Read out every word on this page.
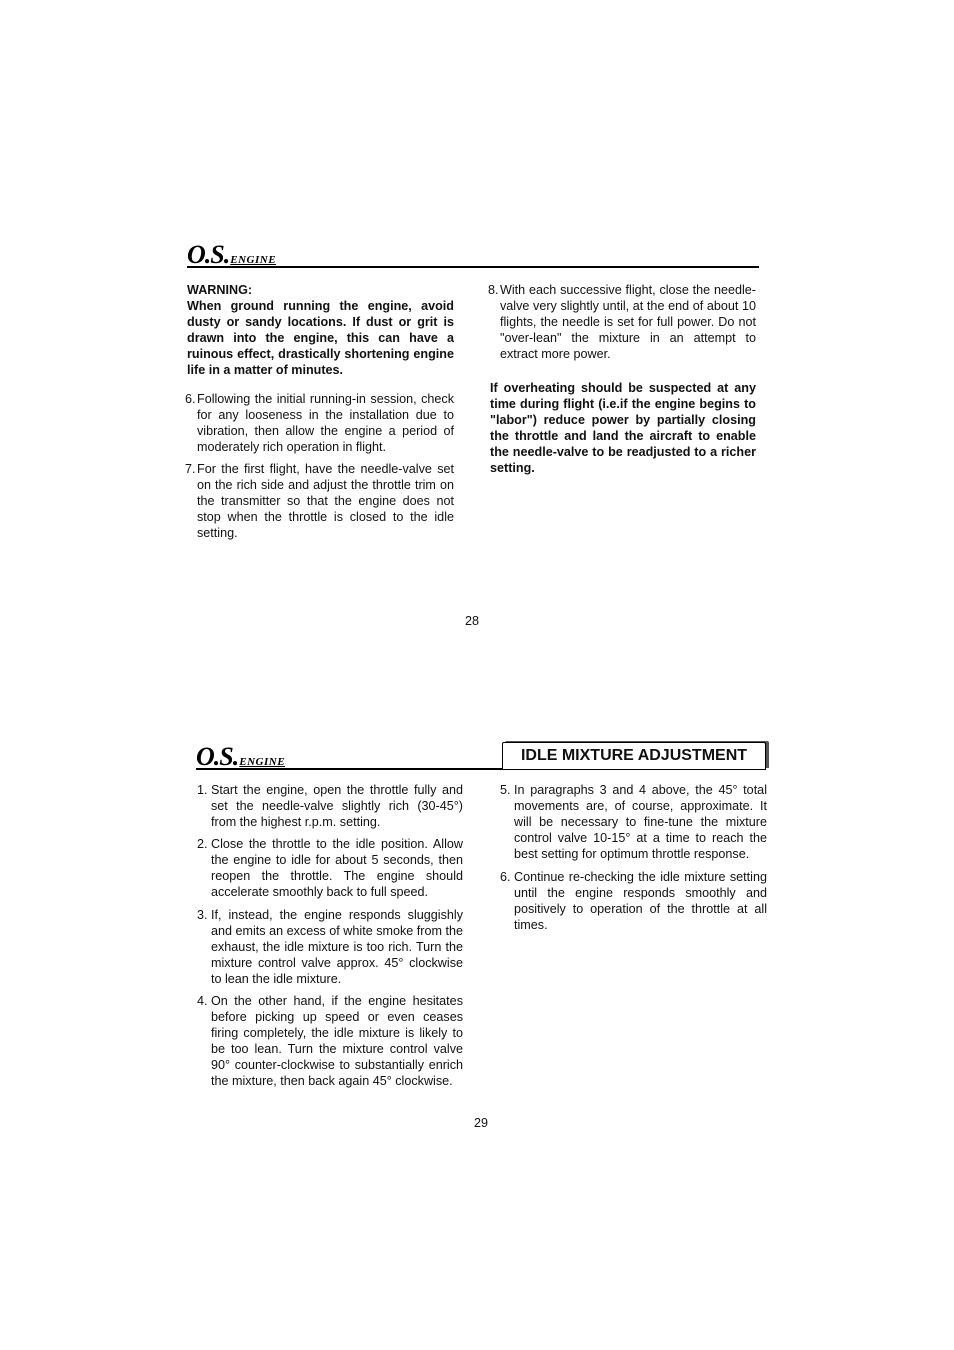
O.S.ENGINE

WARNING:

When ground running the engine, avoid dusty or sandy locations. If dust or grit is drawn into the engine, this can have a ruinous effect, drastically shortening engine life in a matter of minutes.

6. Following the initial running-in session, check for any looseness in the installation due to vibration, then allow the engine a period of moderately rich operation in flight.
7. For the first flight, have the needle-valve set on the rich side and adjust the throttle trim on the transmitter so that the engine does not stop when the throttle is closed to the idle setting.
8. With each successive flight, close the needle-valve very slightly until, at the end of about 10 flights, the needle is set for full power. Do not "over-lean" the mixture in an attempt to extract more power.

If overheating should be suspected at any time during flight (i.e.if the engine begins to "labor") reduce power by partially closing the throttle and land the aircraft to enable the needle-valve to be readjusted to a richer setting.

28
O.S.ENGINE	IDLE MIXTURE ADJUSTMENT
1. Start the engine, open the throttle fully and set the needle-valve slightly rich (30-45°) from the highest r.p.m. setting.
2. Close the throttle to the idle position. Allow the engine to idle for about 5 seconds, then reopen the throttle. The engine should accelerate smoothly back to full speed.
3. If, instead, the engine responds sluggishly and emits an excess of white smoke from the exhaust, the idle mixture is too rich. Turn the mixture control valve approx. 45° clockwise to lean the idle mixture.
4. On the other hand, if the engine hesitates before picking up speed or even ceases firing completely, the idle mixture is likely to be too lean. Turn the mixture control valve 90° counter-clockwise to substantially enrich the mixture, then back again 45° clockwise.
5. In paragraphs 3 and 4 above, the 45° total movements are, of course, approximate. It will be necessary to fine-tune the mixture control valve 10-15° at a time to reach the best setting for optimum throttle response.
6. Continue re-checking the idle mixture setting until the engine responds smoothly and positively to operation of the throttle at all times.
29
